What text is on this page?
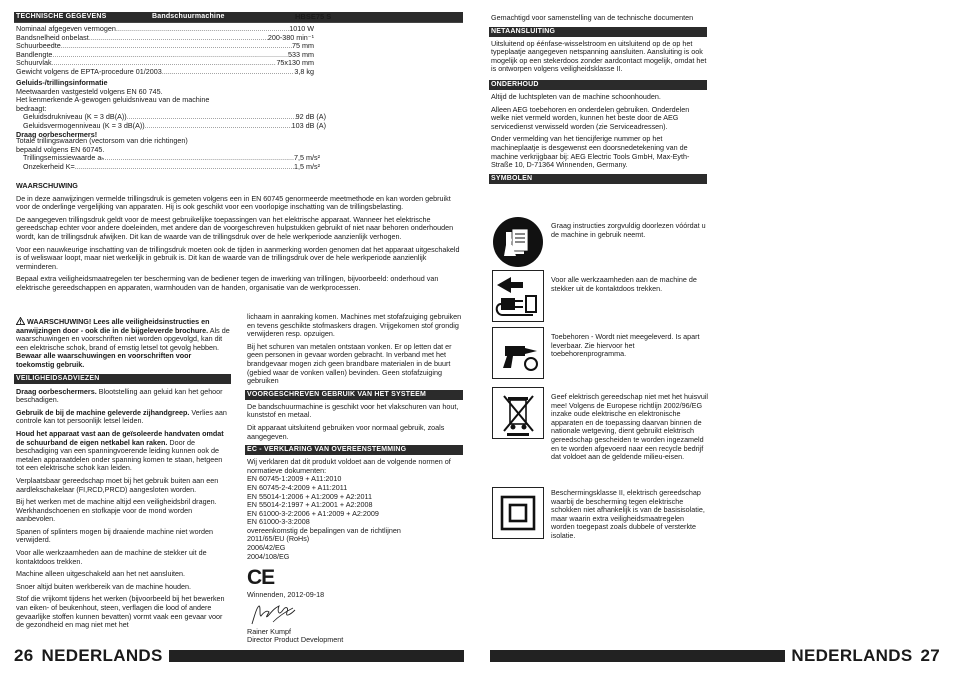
TECHNISCHE GEGEVENS	Bandschuurmachine	HBSE75 S
Nominaal afgegeven vermogen .....	1010 W
Bandsnelheid onbelast .....	200-380 min⁻¹
Schuurbeedte .....	75 mm
Bandlengte .....	533 mm
Schuurvlak .....	75x130 mm
Gewicht volgens de EPTA-procedure 01/2003 .....	3,8 kg
Geluids-/trillingsinformatie
Meetwaarden vastgesteld volgens EN 60 745.
Het kenmerkende A-gewogen geluidsniveau van de machine
bedraagt:
Geluidsdrukniveau (K = 3 dB(A)) .....	92 dB (A)
Geluidsvermogenniveau (K = 3 dB(A)) .....	103 dB (A)
Draag oorbeschermers!
Totale trillingswaarden (vectorsom van drie richtingen)
bepaald volgens EN 60745.
Trillingsemissiewaarde aₕ .....	7,5 m/s²
Onzekerheid K= .....	1,5 m/s²
WAARSCHUWING

De in deze aanwijzingen vermelde trillingsdruk is gemeten volgens een in EN 60745 genormeerde meetmethode en kan worden gebruikt voor de onderlinge vergelijking van apparaten. Hij is ook geschikt voor een voorlopige inschatting van de trillingsbelasting.

De aangegeven trillingsdruk geldt voor de meest gebruikelijke toepassingen van het elektrische apparaat. Wanneer het elektrische gereedschap echter voor andere doeleinden, met andere dan de voorgeschreven hulpstukken gebruikt of niet naar behoren onderhouden wordt, kan de trillingsdruk afwijken. Dit kan de waarde van de trillingsdruk over de hele werkperiode aanzienlijk verhogen.

Voor een nauwkeurige inschatting van de trillingsdruk moeten ook de tijden in aanmerking worden genomen dat het apparaat uitgeschakeld is of weliswaar loopt, maar niet werkelijk in gebruik is. Dit kan de waarde van de trillingsdruk over de hele werkperiode aanzienlijk verminderen.

Bepaal extra veiligheidsmaatregelen ter bescherming van de bediener tegen de inwerking van trillingen, bijvoorbeeld: onderhoud van elektrische gereedschappen en apparaten, warmhouden van de handen, organisatie van de werkprocessen.

WAARSCHUWING! Lees alle veiligheidsinstructies en aanwijzingen door - ook die in de bijgeleverde brochure. Als de waarschuwingen en voorschriften niet worden opgevolgd, kan dit een elektrische schok, brand of ernstig letsel tot gevolg hebben.
Bewaar alle waarschuwingen en voorschriften voor toekomstig gebruik.

VEILIGHEIDSADVIEZEN

Draag oorbeschermers. Blootstelling aan geluid kan het gehoor beschadigen.

Gebruik de bij de machine geleverde zijhandgreep. Verlies aan controle kan tot persoonlijk letsel leiden.

Houd het apparaat vast aan de geïsoleerde handvaten omdat de schuurband de eigen netkabel kan raken. Door de beschadiging van een spanningvoerende leiding kunnen ook de metalen apparaatdelen onder spanning komen te staan, hetgeen tot een elektrische schok kan leiden.

Verplaatsbaar gereedschap moet bij het gebruik buiten aan een aardlekschakelaar (FI,RCD,PRCD) aangesloten worden.

Bij het werken met de machine altijd een veiligheidsbril dragen. Werkhandschoenen en stofkapje voor de mond worden aanbevolen.

Spanen of splinters mogen bij draaiende machine niet worden verwijderd.

Voor alle werkzaamheden aan de machine de stekker uit de kontaktdoos trekken.

Machine alleen uitgeschakeld aan het net aansluiten.

Snoer altijd buiten werkbereik van de machine houden.

Stof die vrijkomt tijdens het werken (bijvoorbeeld bij het bewerken van eiken- of beukenhout, steen, verflagen die lood of andere gevaarlijke stoffen kunnen bevatten) vormt vaak een gevaar voor de gezondheid en mag niet met het

lichaam in aanraking komen. Machines met stofafzuiging gebruiken en tevens geschikte stofmaskers dragen. Vrijgekomen stof grondig verwijderen resp. opzuigen.

Bij het schuren van metalen ontstaan vonken. Er op letten dat er geen personen in gevaar worden gebracht. In verband met het brandgevaar mogen zich geen brandbare materialen in de buurt (gebied waar de vonken vallen) bevinden. Geen stofafzuiging gebruiken

VOORGESCHREVEN GEBRUIK VAN HET SYSTEEM

De bandschuurmachine is geschikt voor het vlakschuren van hout, kunststof en metaal.

Dit apparaat uitsluitend gebruiken voor normaal gebruik, zoals aangegeven.

EC - VERKLARING VAN OVEREENSTEMMING
Wij verklaren dat dit produkt voldoet aan de volgende normen of normatieve dokumenten:
EN 60745-1:2009 + A11:2010
EN 60745-2-4:2009 + A11:2011
EN 55014-1:2006 + A1:2009 + A2:2011
EN 55014-2:1997 + A1:2001 + A2:2008
EN 61000-3-2:2006 + A1:2009 + A2:2009
EN 61000-3-3:2008
overeenkomstig de bepalingen van de richtlijnen
2011/65/EU (RoHs)
2006/42/EG
2004/108/EG
CE
Winnenden, 2012-09-18
Rainer Kumpf
Director Product Development
26 NEDERLANDS

Gemachtigd voor samenstelling van de technische documenten

NETAANSLUITING

Uitsluitend op éénfase-wisselstroom en uitsluitend op de op het typeplaatje aangegeven netspanning aansluiten. Aansluiting is ook mogelijk op een stekerdoos zonder aardcontact mogelijk, omdat het is ontworpen volgens veiligheidsklasse II.

ONDERHOUD

Altijd de luchtspleten van de machine schoonhouden.

Alleen AEG toebehoren en onderdelen gebruiken. Onderdelen welke niet vermeld worden, kunnen het beste door de AEG servicedienst verwisseld worden (zie Serviceadressen).

Onder vermelding van het tiencijferige nummer op het machineplaatje is desgewenst een doorsnedetekening van de machine verkrijgbaar bij: AEG Electric Tools GmbH, Max-Eyth-Straße 10, D-71364 Winnenden, Germany.

SYMBOLEN
Graag instructies zorgvuldig doorlezen vóórdat u de machine in gebruik neemt.
Voor alle werkzaamheden aan de machine de stekker uit de kontaktdoos trekken.
Toebehoren - Wordt niet meegeleverd. Is apart leverbaar. Zie hiervoor het toebehorenprogramma.
Geef elektrisch gereedschap niet met het huisvuil mee! Volgens de Europese richtlijn 2002/96/EG inzake oude elektrische en elektronische apparaten en de toepassing daarvan binnen de nationale wetgeving, dient gebruikt elektrisch gereedschap gescheiden te worden ingezameld en te worden afgevoerd naar een recycle bedrijf dat voldoet aan de geldende milieu-eisen.
Beschermingsklasse II, elektrisch gereedschap waarbij de bescherming tegen elektrische schokken niet afhankelijk is van de basisisolatie, maar waarin extra veiligheidsmaatregelen worden toegepast zoals dubbele of versterkte isolatie.
NEDERLANDS 27
